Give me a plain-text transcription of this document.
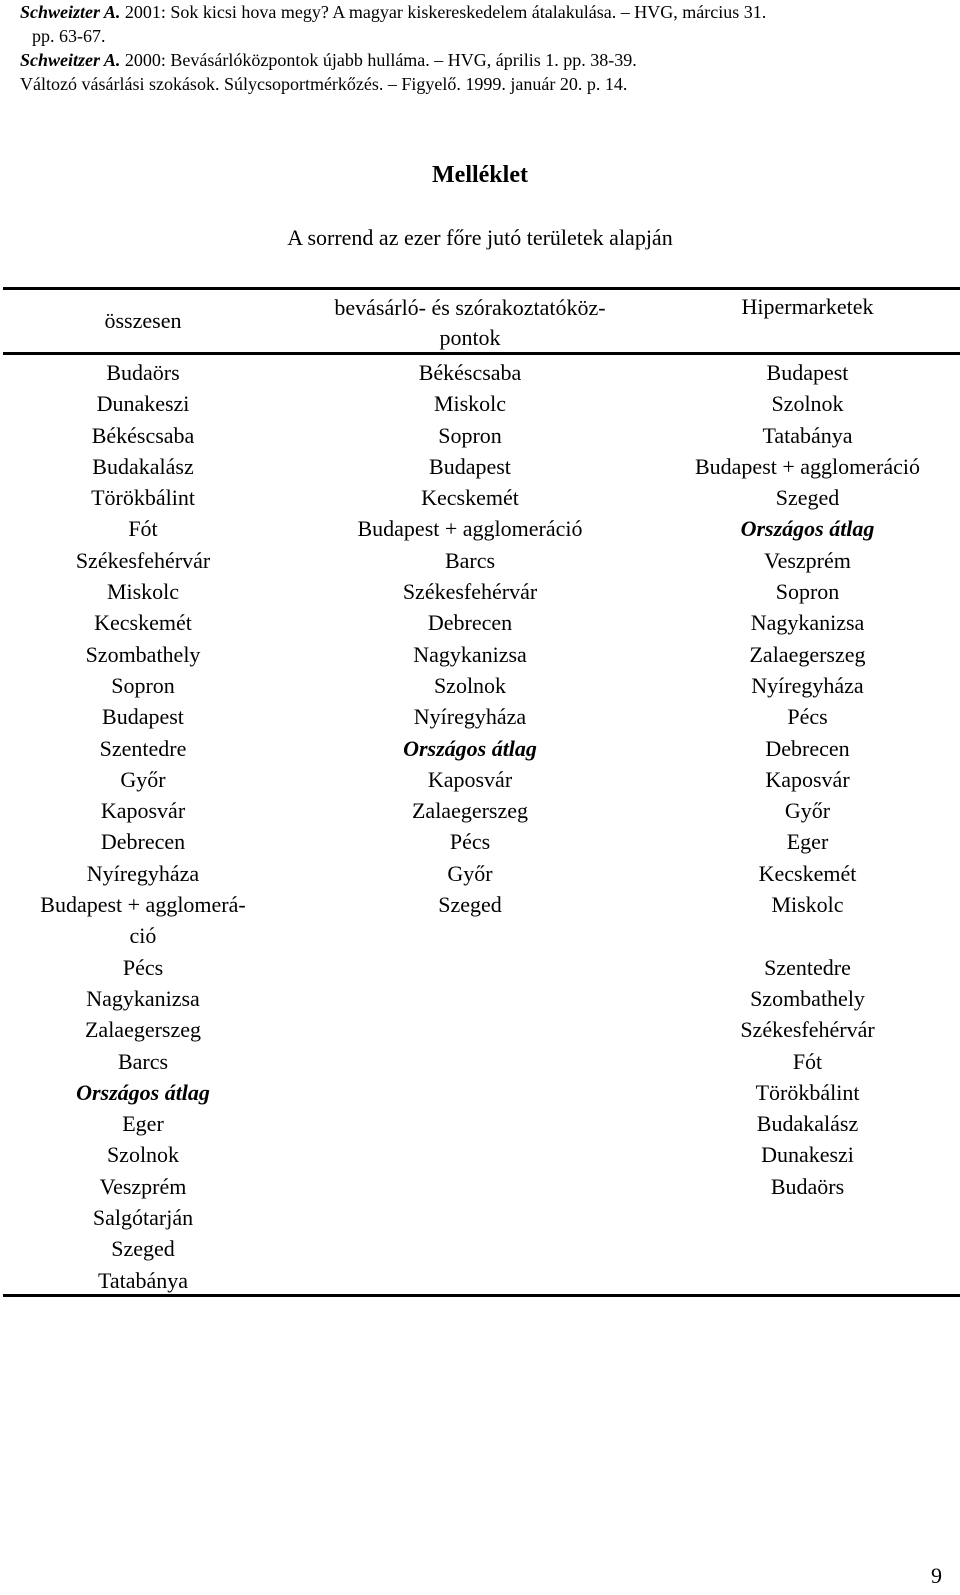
Schweizter A. 2001: Sok kicsi hova megy? A magyar kiskereskedelem átalakulása. – HVG, március 31.
pp. 63-67.

Schweitzer A. 2000: Bevásárlóközpontok újabb hulláma. – HVG, április 1. pp. 38-39.

Változó vásárlási szokások. Súlycsoportmérkőzés. – Figyelő. 1999. január 20. p. 14.

Melléklet
A sorrend az ezer főre jutó területek alapján
összesen
bevásárló- és szórakoztatóköz-
pontok
Hipermarketek
Budaörs
Dunakeszi
Békéscsaba
Budakalász
Törökbálint
Fót
Székesfehérvár
Miskolc
Kecskemét
Szombathely
Sopron
Budapest
Szentedre
Győr
Kaposvár
Debrecen
Nyíregyháza
Budapest + agglomerá-
ció
Pécs
Nagykanizsa
Zalaegerszeg
Barcs
Országos átlag
Eger
Szolnok
Veszprém
Salgótarján
Szeged
Tatabánya
Békéscsaba
Miskolc
Sopron
Budapest
Kecskemét
Budapest + agglomeráció
Barcs
Székesfehérvár
Debrecen
Nagykanizsa
Szolnok
Nyíregyháza
Országos átlag
Kaposvár
Zalaegerszeg
Pécs
Győr
Szeged
Budapest
Szolnok
Tatabánya
Budapest + agglomeráció
Szeged
Országos átlag
Veszprém
Sopron
Nagykanizsa
Zalaegerszeg
Nyíregyháza
Pécs
Debrecen
Kaposvár
Győr
Eger
Kecskemét
Miskolc
Szentedre
Szombathely
Székesfehérvár
Fót
Törökbálint
Budakalász
Dunakeszi
Budaörs
9
